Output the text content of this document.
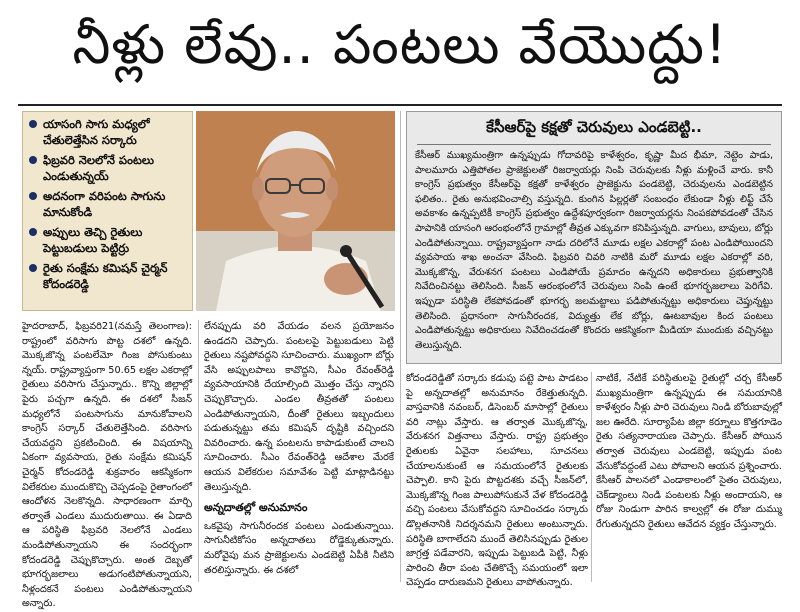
నీళ్లు లేవు.. పంటలు వేయొద్దు!
యాసంగి సాగు మధ్యలో చేతులెత్తేసిన సర్కారు
ఫిబ్రవరి నెలలోనే పంటలు ఎండుతున్నయ్
అదనంగా వరిపంట సాగును మానుకోండి
అప్పులు తెచ్చి రైతులు పెట్టుబడులు పెట్టిర్రు
రైతు సంక్షేమ కమిషన్ చైర్మన్ కోదండరెడ్డి
కేసీఆర్‌పై కక్షతో చెరువులు ఎండబెట్టి..
కేసీఆర్ ముఖ్యమంత్రిగా ఉన్నప్పుడు గోదావరిపై కాళేశ్వరం, కృష్ణా మీద భీమా, నెట్టెం పాడు, పాలమూరు ఎత్తిపోతల ప్రాజెక్టులతో రిజర్వాయర్లు నింపి చెరువులకు నీళ్లు మళ్లించే వారు. కానీ కాంగ్రెస్ ప్రభుత్వం కేసీఆర్‌పై కక్షతో కాళేశ్వరం ప్రాజెక్టును పండబెట్టి, చెరువులను ఎండబెట్టిన ఫలితం.. రైతు అనుభవించాల్సి వస్తున్నది. కుంగిన పిల్లర్లతో సంబంధం లేకుండా నీళ్లు లిఫ్ట్ చేసే అవకాశం ఉన్నప్పటికీ కాంగ్రెస్ ప్రభుత్వం ఉద్దేశపూర్వకంగా రిజర్వాయర్లను నింపకపోవడంతో చేసిన పాపానికి యాసంగి ఆరంభంలోనే గ్రామాల్లో తీవ్రత ఎక్కువగా కనిపిస్తున్నది. వాగులు, బావులు, బోర్లు ఎండిపోతున్నాయి. రాష్ట్రవ్యాప్తంగా నాడు దరిలోనే మూడు లక్షల ఎకరాల్లో పంట ఎండిపోయిందని వ్యవసాయ శాఖ అంచనా వేసింది. ఫిబ్రవరి చివరి నాటికి మరో మూడు లక్షల ఎకరాల్లో వరి, మొక్కజొన్న, వేరుశనగ పంటలు ఎండిపోయే ప్రమాదం ఉన్నదని అధికారులు ప్రభుత్వానికి నివేదించినట్టు తెలిసింది. సీజన్ ఆరంభంలోనే చెరువులు నింపి ఉంటే భూగర్భజలాలు పెరిగేవి. ఇప్పుడా పరిస్థితి లేకపోవడంతో భూగర్భ జలమట్టాలు పడిపోతున్నట్టు అధికారులు చెప్తున్నట్టు తెలిసింది. ప్రధానంగా సాగునీరందక, విద్యుత్తు లేక బోర్లు, ఊటబావుల కింద పంటలు ఎండిపోతున్నట్టు అధికారులు నివేదించడంతో కొందరు ఆకస్మికంగా మీడియా ముందుకు వచ్చినట్టు తెలుస్తున్నది.
హైదరాబాద్, ఫిబ్రవరి21(నమస్తే తెలంగాణ): రాష్ట్రంలో వరిసాగు పొట్ట దశలో ఉన్నది. మొక్కజొన్న పంటలేమో గింజ పోసుకుంటు న్నయ్. రాష్ట్రవ్యాప్తంగా 50.65 లక్షల ఎకరాల్లో రైతులు వరిసాగు చేస్తున్నారు.. కొన్ని జిల్లాల్లో పైరు పచ్చగా ఉన్నది. ఈ దశలో సీజన్ మధ్యలోనే పంటసాగును మానుకోవాలని కాంగ్రెస్ సర్కార్ చేతులెత్తేసింది. వరిసాగు చేయవద్దని ప్రకటించింది. ఈ విషయాన్ని ఏకంగా వ్యవసాయ, రైతు సంక్షేమ కమిషన్ చైర్మన్ కోదండరెడ్డి శుక్రవారం ఆకస్మికంగా విలేకరుల ముందుకొచ్చి చెప్పడంపై రైతాంగంలో ఆందోళన నెలకొన్నది. సాధారణంగా మార్చి తర్వాతే ఎండలు ముదురుతాయి. ఈ ఏడాది ఆ పరిస్థితి ఫిబ్రవరి నెలలోనే ఎండలు మండిపోతున్నాయని ఈ సందర్భంగా కోదండరెడ్డి చెప్పుకొచ్చారు. అంత దెబ్బతో భూగర్భజలాలు అడుగంటిపోతున్నాయని, నీళ్లందకనే పంటలు ఎండిపోతున్నాయని అన్నారు.
లేనప్పుడు వరి వేయడం వలన ప్రయోజనం ఉండదని చెప్పారు. పంటలపై పెట్టుబడులు పెట్టి రైతులు నష్టపోవద్దని సూచించారు. ముఖ్యంగా బోర్లు వేసి అప్పులపాలు కావొద్దని, సీఎం రేవంత్‌రెడ్డి వ్యవసాయానికి దేయాల్సింది మొత్తం చేస్తు న్నారని చెప్పుకొచ్చారు. ఎండల తీవ్రతతో పంటలు ఎండిపోతున్నాయని, దీంతో రైతులు ఇబ్బందులు పడుతున్నట్టు తమ కమిషన్ దృష్టికి వచ్చిందని వివరించారు. ఉన్న పంటలను కాపాడుకుంటే చాలని సూచించారు. సీఎం రేవంత్‌రెడ్డి ఆదేశాల మేరకే ఆయన విలేకరుల సమావేశం పెట్టి మాట్లాడినట్టు తెలుస్తున్నది.
అన్నదాతల్లో అనుమానం
ఒకవైపు సాగునీరందక పంటలు ఎండుతున్నాయి. సాగునీటికోసం అన్నదాతలు రోడ్డెక్కుతున్నారు. మరోవైపు మన ప్రాజెక్టులను ఎండబెట్టి ఏపీకి నీటిని తరలిస్తున్నారు. ఈ దశలో
కోదండరెడ్డితో సర్కారు కడుపు పట్టె పాట పాడటం పై అన్నదాతల్లో అనుమానం రేకెత్తుతున్నది. వాస్తవానికి నవంబర్, డిసెంబర్ మాసాల్లో రైతులు వరి నాట్లు వేస్తారు. ఆ తర్వాత మొక్కజొన్న, వేరుశనగ విత్తనాలు వేస్తారు. రాష్ట్ర ప్రభుత్వం రైతులకు ఏవైనా సలహాలు, సూచనలు చేయాలనుకుంటే ఆ సమయంలోనే రైతులకు చెప్పాలి. కాని పైరు పొట్టదశకు వచ్చే సీజన్‌లో, మొక్కజొన్న గింజ పాలుపోసుకునే వేళ కోదండరెడ్డి వచ్చి పంటలు వేసుకోవద్దని సూచించడం సర్కారు డొల్లతనానికి నిదర్శనమని రైతులు అంటున్నారు. పరిస్థితి బాగాలేదని ముందే తెలిసినప్పుడు రైతుల జాగ్రత్త పడేవారని, ఇప్పుడు పెట్టుబడి పెట్టి, నీళ్లు పారించి తీరా పంట చేతికొచ్చే సమయంలో ఇలా చెప్పడం దారుణమని రైతులు వాపోతున్నారు.
నాటికే, నేటికే పరిస్థితులపై రైతుల్లో చర్చ కేసీఆర్ ముఖ్యమంత్రిగా ఉన్నప్పుడు ఈ సమయానికి కాళేశ్వరం నీళ్లు పారి చెరువులు నిండి బోరుబావుల్లో జల ఊరేది. సూర్యాపేట జిల్లా కర్నూలు కొత్తగూడెం రైతు సత్యనారాయణ చెప్పారు. కేసీఆర్ పోయిన తర్వాత చెరువులు ఎండబెట్టి, ఇప్పుడు పంట వేసుకోవద్దంటే ఎటు పోవాలని ఆయన ప్రశ్నించారు. కేసీఆర్ పాలనలో ఎండాకాలంలో సైతం చెరువులు, చెక్‌డ్యాంలు నిండి పంటలకు నీళ్లు అందాయని, ఆ రోజు నిండుగా పారిన కాల్వల్లో ఈ రోజు దుమ్ము రేగుతున్నదని రైతులు ఆవేదన వ్యక్తం చేస్తున్నారు.
